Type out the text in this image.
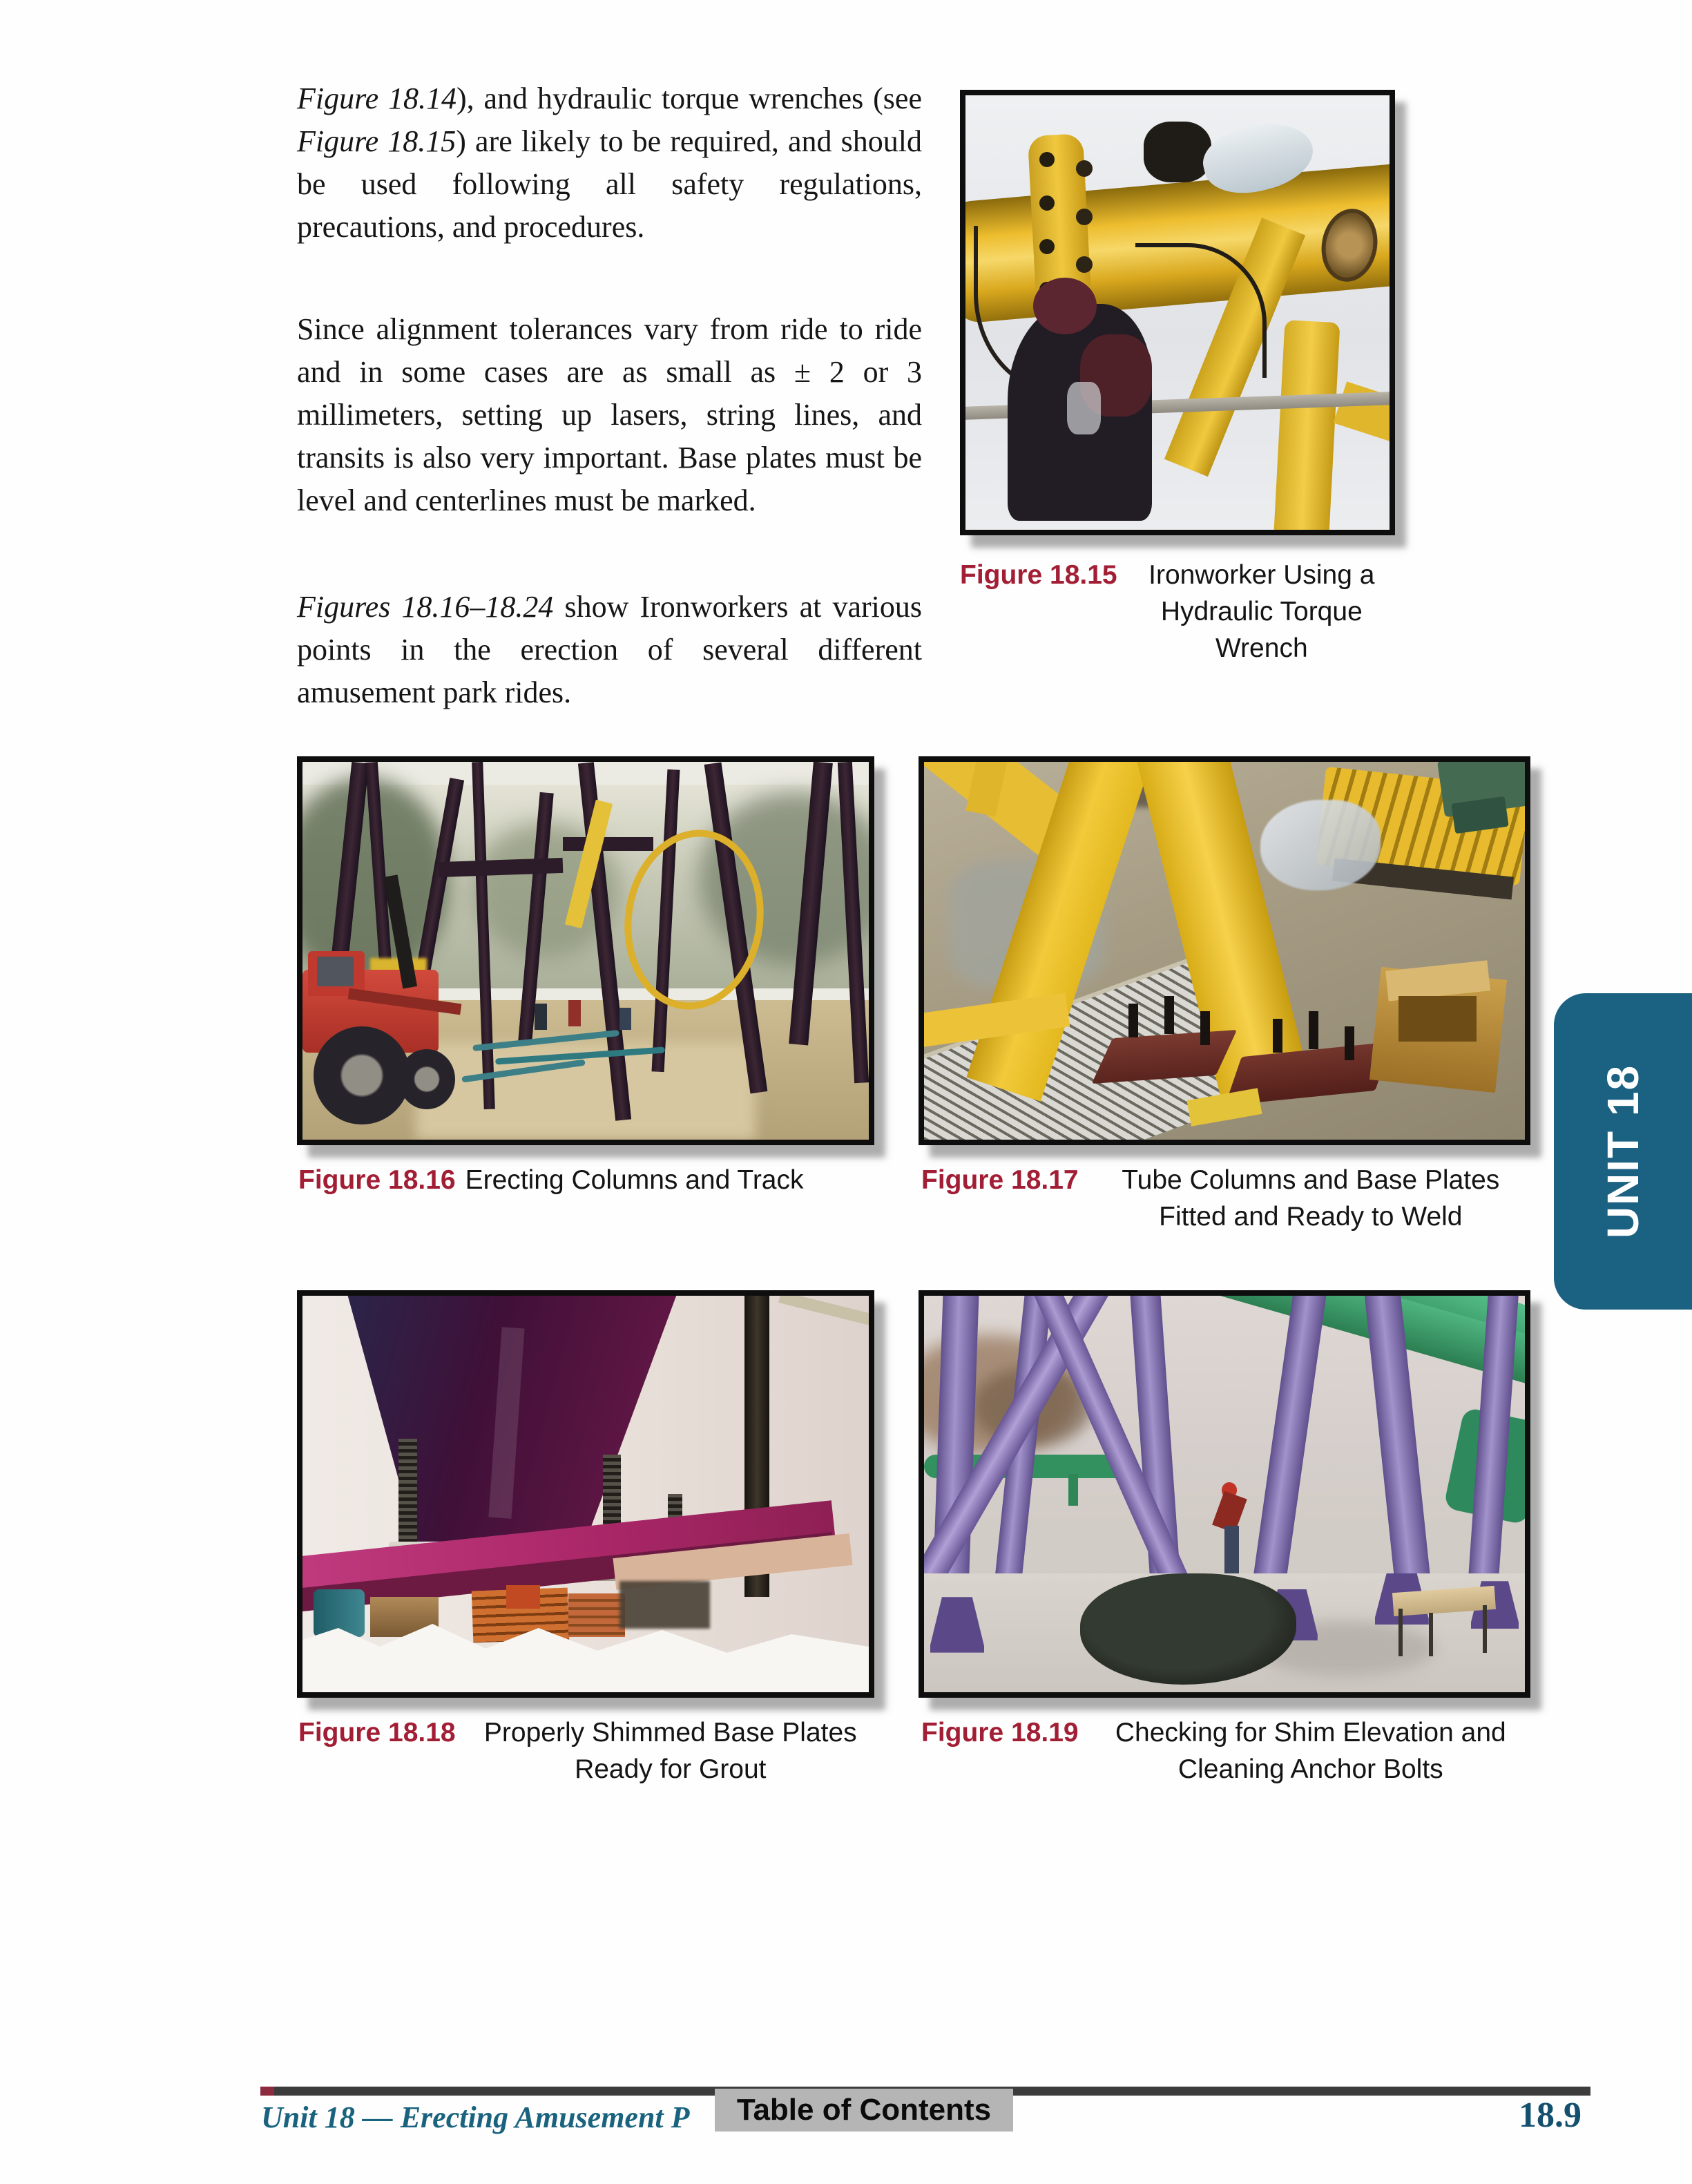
Figure 18.14), and hydraulic torque wrenches (see Figure 18.15) are likely to be required, and should be used following all safety regulations, precautions, and procedures.

Since alignment tolerances vary from ride to ride and in some cases are as small as ± 2 or 3 millimeters, setting up lasers, string lines, and transits is also very important. Base plates must be level and centerlines must be marked.

Figures 18.16–18.24 show Ironworkers at various points in the erection of several different amusement park rides.

Figure 18.15	Ironworker Using a Hydraulic Torque Wrench
Figure 18.16 Erecting Columns and Track	Figure 18.17	Tube Columns and Base Plates Fitted and Ready to Weld
Figure 18.18	Properly Shimmed Base Plates Ready for Grout
Figure 18.19	Checking for Shim Elevation and Cleaning Anchor Bolts
UNIT 18
Unit 18 — Erecting Amusement P	Table of Contents	18.9
